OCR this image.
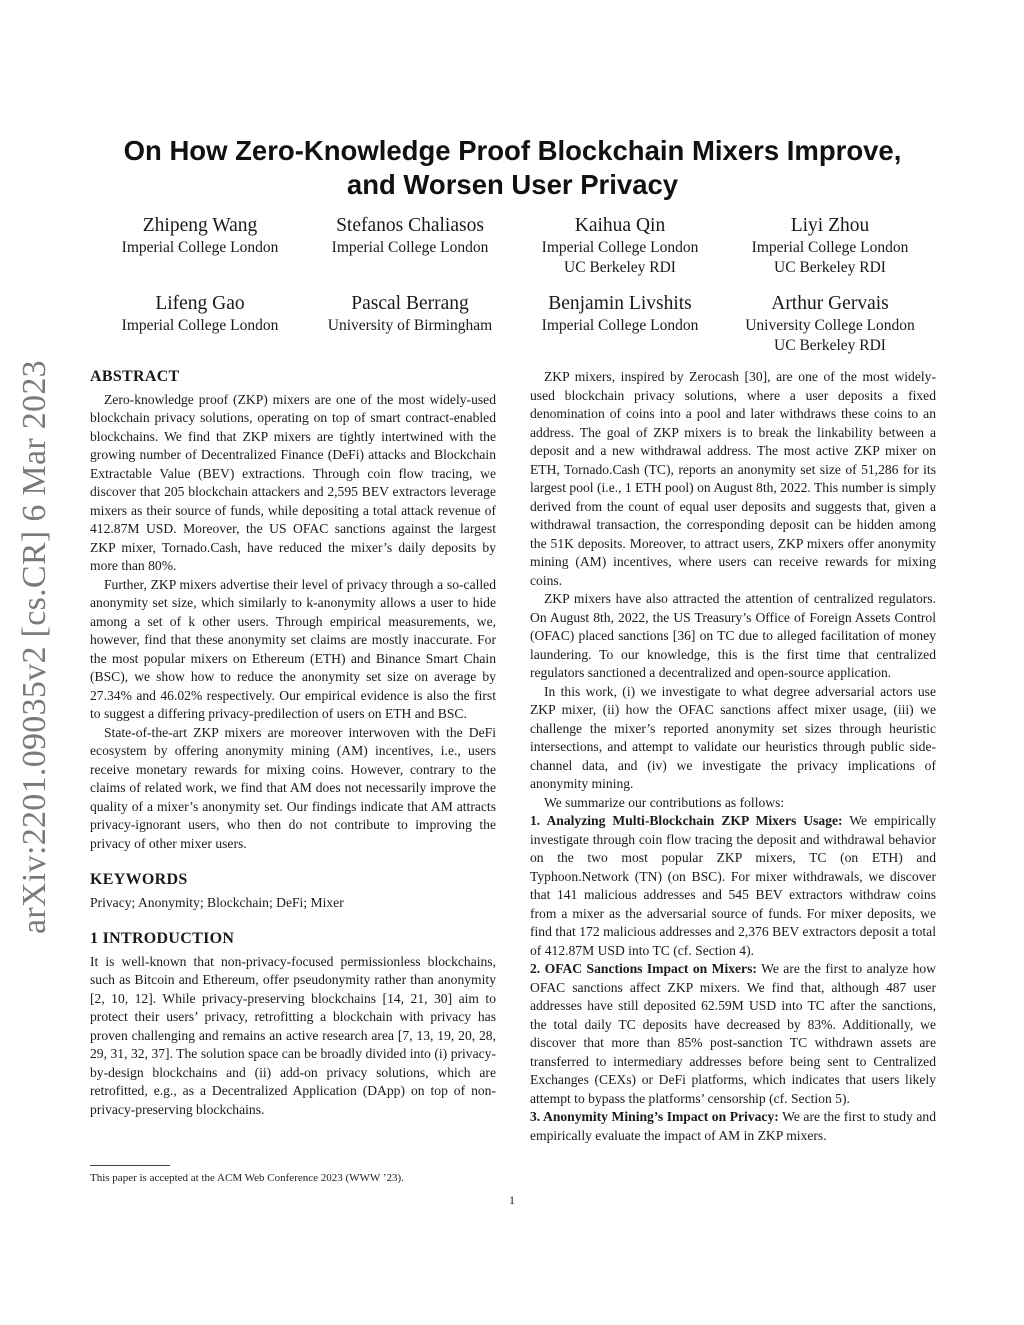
arXiv:2201.09035v2 [cs.CR] 6 Mar 2023
On How Zero-Knowledge Proof Blockchain Mixers Improve,
and Worsen User Privacy
Zhipeng Wang
Imperial College London
Stefanos Chaliasos
Imperial College London
Kaihua Qin
Imperial College London
UC Berkeley RDI
Liyi Zhou
Imperial College London
UC Berkeley RDI
Lifeng Gao
Imperial College London
Pascal Berrang
University of Birmingham
Benjamin Livshits
Imperial College London
Arthur Gervais
University College London
UC Berkeley RDI
ABSTRACT

Zero-knowledge proof (ZKP) mixers are one of the most widely-used blockchain privacy solutions, operating on top of smart contract-enabled blockchains. We find that ZKP mixers are tightly intertwined with the growing number of Decentralized Finance (DeFi) attacks and Blockchain Extractable Value (BEV) extractions. Through coin flow tracing, we discover that 205 blockchain attackers and 2,595 BEV extractors leverage mixers as their source of funds, while depositing a total attack revenue of 412.87M USD. Moreover, the US OFAC sanctions against the largest ZKP mixer, Tornado.Cash, have reduced the mixer’s daily deposits by more than 80%.

Further, ZKP mixers advertise their level of privacy through a so-called anonymity set size, which similarly to k-anonymity allows a user to hide among a set of k other users. Through empirical measurements, we, however, find that these anonymity set claims are mostly inaccurate. For the most popular mixers on Ethereum (ETH) and Binance Smart Chain (BSC), we show how to reduce the anonymity set size on average by 27.34% and 46.02% respectively. Our empirical evidence is also the first to suggest a differing privacy-predilection of users on ETH and BSC.

State-of-the-art ZKP mixers are moreover interwoven with the DeFi ecosystem by offering anonymity mining (AM) incentives, i.e., users receive monetary rewards for mixing coins. However, contrary to the claims of related work, we find that AM does not necessarily improve the quality of a mixer’s anonymity set. Our findings indicate that AM attracts privacy-ignorant users, who then do not contribute to improving the privacy of other mixer users.

KEYWORDS

Privacy; Anonymity; Blockchain; DeFi; Mixer

1 INTRODUCTION

It is well-known that non-privacy-focused permissionless blockchains, such as Bitcoin and Ethereum, offer pseudonymity rather than anonymity [2, 10, 12]. While privacy-preserving blockchains [14, 21, 30] aim to protect their users’ privacy, retrofitting a blockchain with privacy has proven challenging and remains an active research area [7, 13, 19, 20, 28, 29, 31, 32, 37]. The solution space can be broadly divided into (i) privacy-by-design blockchains and (ii) add-on privacy solutions, which are retrofitted, e.g., as a Decentralized Application (DApp) on top of non-privacy-preserving blockchains.

ZKP mixers, inspired by Zerocash [30], are one of the most widely-used blockchain privacy solutions, where a user deposits a fixed denomination of coins into a pool and later withdraws these coins to an address. The goal of ZKP mixers is to break the linkability between a deposit and a new withdrawal address. The most active ZKP mixer on ETH, Tornado.Cash (TC), reports an anonymity set size of 51,286 for its largest pool (i.e., 1 ETH pool) on August 8th, 2022. This number is simply derived from the count of equal user deposits and suggests that, given a withdrawal transaction, the corresponding deposit can be hidden among the 51K deposits. Moreover, to attract users, ZKP mixers offer anonymity mining (AM) incentives, where users can receive rewards for mixing coins.

ZKP mixers have also attracted the attention of centralized regulators. On August 8th, 2022, the US Treasury’s Office of Foreign Assets Control (OFAC) placed sanctions [36] on TC due to alleged facilitation of money laundering. To our knowledge, this is the first time that centralized regulators sanctioned a decentralized and open-source application.

In this work, (i) we investigate to what degree adversarial actors use ZKP mixer, (ii) how the OFAC sanctions affect mixer usage, (iii) we challenge the mixer’s reported anonymity set sizes through heuristic intersections, and attempt to validate our heuristics through public side-channel data, and (iv) we investigate the privacy implications of anonymity mining.

We summarize our contributions as follows:

1. Analyzing Multi-Blockchain ZKP Mixers Usage: We empirically investigate through coin flow tracing the deposit and withdrawal behavior on the two most popular ZKP mixers, TC (on ETH) and Typhoon.Network (TN) (on BSC). For mixer withdrawals, we discover that 141 malicious addresses and 545 BEV extractors withdraw coins from a mixer as the adversarial source of funds. For mixer deposits, we find that 172 malicious addresses and 2,376 BEV extractors deposit a total of 412.87M USD into TC (cf. Section 4).

2. OFAC Sanctions Impact on Mixers: We are the first to analyze how OFAC sanctions affect ZKP mixers. We find that, although 487 user addresses have still deposited 62.59M USD into TC after the sanctions, the total daily TC deposits have decreased by 83%. Additionally, we discover that more than 85% post-sanction TC withdrawn assets are transferred to intermediary addresses before being sent to Centralized Exchanges (CEXs) or DeFi platforms, which indicates that users likely attempt to bypass the platforms’ censorship (cf. Section 5).

3. Anonymity Mining’s Impact on Privacy: We are the first to study and empirically evaluate the impact of AM in ZKP mixers.

This paper is accepted at the ACM Web Conference 2023 (WWW ’23).
1
